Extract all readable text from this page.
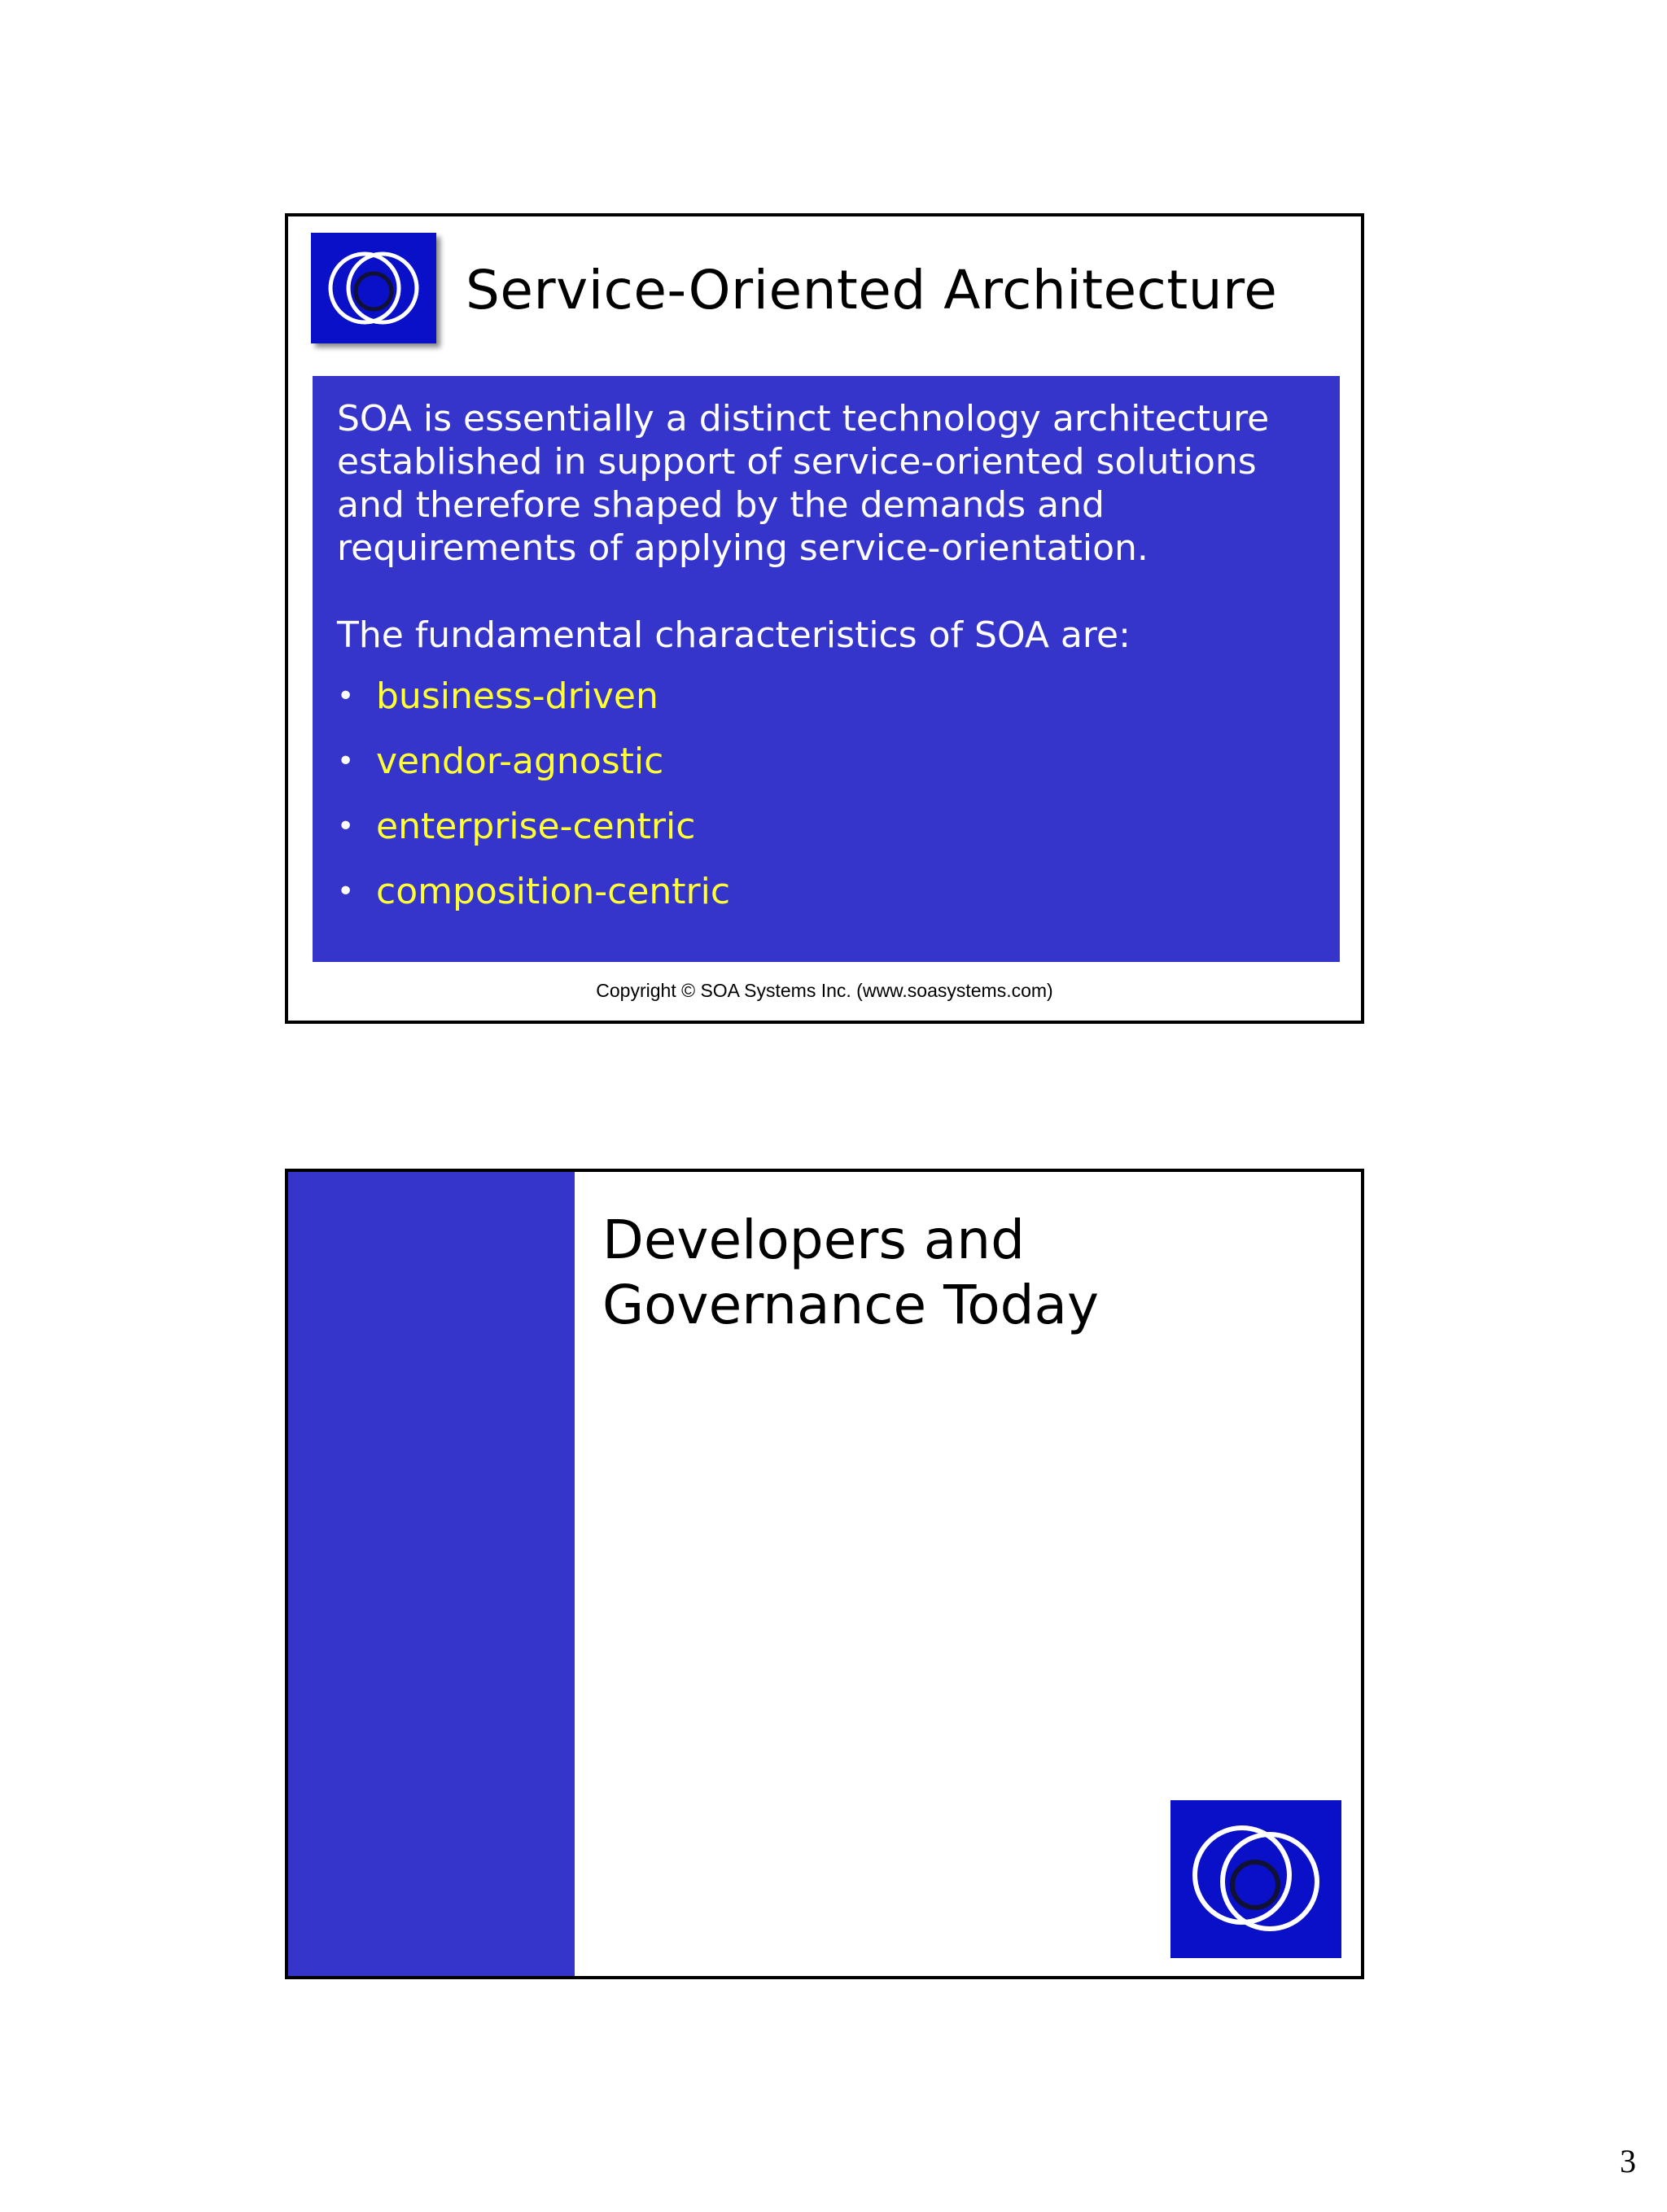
Service-Oriented Architecture

SOA is essentially a distinct technology architecture established in support of service-oriented solutions and therefore shaped by the demands and requirements of applying service-orientation.

The fundamental characteristics of SOA are:

• business-driven
• vendor-agnostic
• enterprise-centric
• composition-centric
Copyright © SOA Systems Inc. (www.soasystems.com)
Developers and
Governance Today
3
